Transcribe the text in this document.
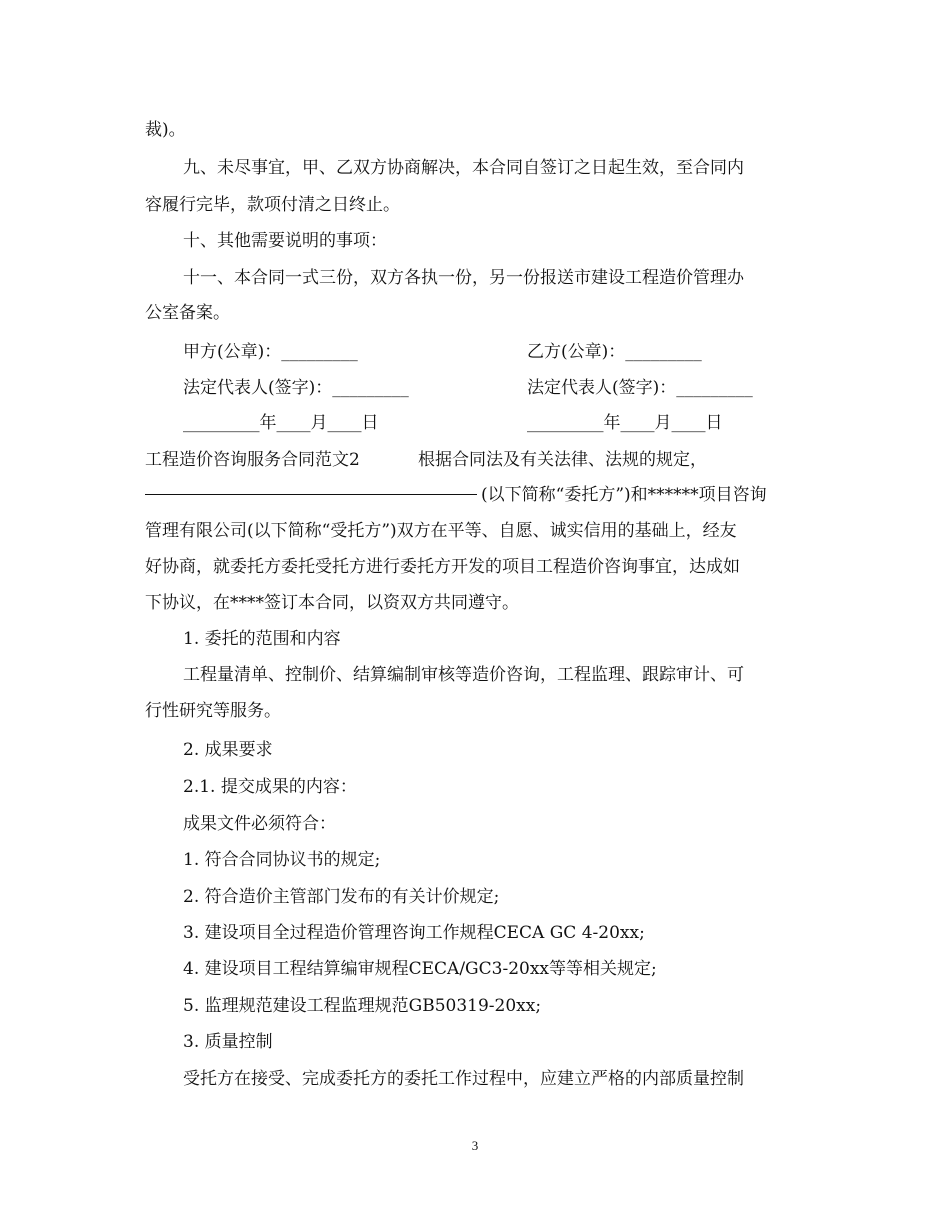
裁)。
九、未尽事宜，甲、乙双方协商解决，本合同自签订之日起生效，至合同内
容履行完毕，款项付清之日终止。
十、其他需要说明的事项：
十一、本合同一式三份，双方各执一份，另一份报送市建设工程造价管理办
公室备案。
甲方(公章)：_________	乙方(公章)：_________
法定代表人(签字)：_________	法定代表人(签字)：_________
_________年____月____日	_________年____月____日
工程造价咨询服务合同范文2	根据合同法及有关法律、法规的规定，
(以下简称“委托方”)和******项目咨询
管理有限公司(以下简称“受托方”)双方在平等、自愿、诚实信用的基础上，经友
好协商，就委托方委托受托方进行委托方开发的项目工程造价咨询事宜，达成如
下协议，在****签订本合同，以资双方共同遵守。
1. 委托的范围和内容
工程量清单、控制价、结算编制审核等造价咨询，工程监理、跟踪审计、可
行性研究等服务。
2. 成果要求
2.1. 提交成果的内容：
成果文件必须符合：
1. 符合合同协议书的规定;
2. 符合造价主管部门发布的有关计价规定;
3. 建设项目全过程造价管理咨询工作规程CECA GC 4-20xx;
4. 建设项目工程结算编审规程CECA/GC3-20xx等等相关规定;
5. 监理规范建设工程监理规范GB50319-20xx;
3. 质量控制
受托方在接受、完成委托方的委托工作过程中，应建立严格的内部质量控制
3
